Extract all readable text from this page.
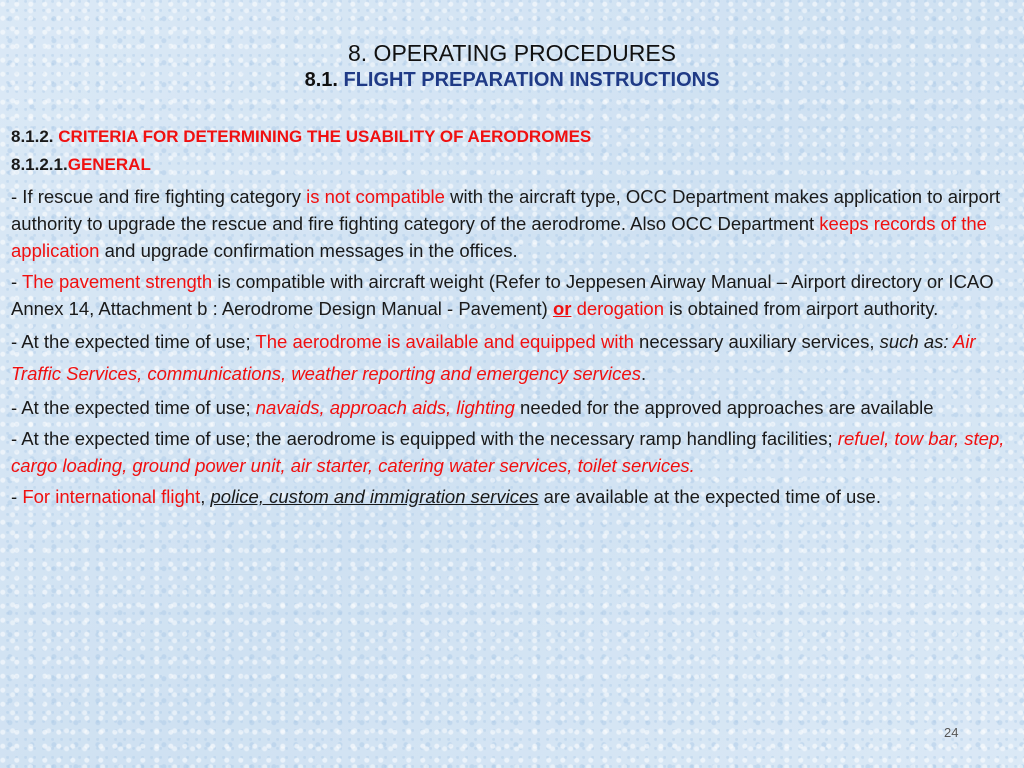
8. OPERATING PROCEDURES
8.1. FLIGHT PREPARATION INSTRUCTIONS
8.1.2. CRITERIA FOR DETERMINING THE USABILITY OF AERODROMES
8.1.2.1.GENERAL

- If rescue and fire fighting category is not compatible with the aircraft type, OCC Department makes application to airport authority to upgrade the rescue and fire fighting category of the aerodrome. Also OCC Department keeps records of the application and upgrade confirmation messages in the offices.

- The pavement strength is compatible with aircraft weight (Refer to Jeppesen Airway Manual – Airport directory or ICAO Annex 14, Attachment b : Aerodrome Design Manual - Pavement) or derogation is obtained from airport authority.

- At the expected time of use; The aerodrome is available and equipped with necessary auxiliary services, such as: Air Traffic Services, communications, weather reporting and emergency services.

- At the expected time of use; navaids, approach aids, lighting needed for the approved approaches are available

- At the expected time of use; the aerodrome is equipped with the necessary ramp handling facilities; refuel, tow bar, step, cargo loading, ground power unit, air starter, catering water services, toilet services.

- For international flight, police, custom and immigration services are available at the expected time of use.

24
